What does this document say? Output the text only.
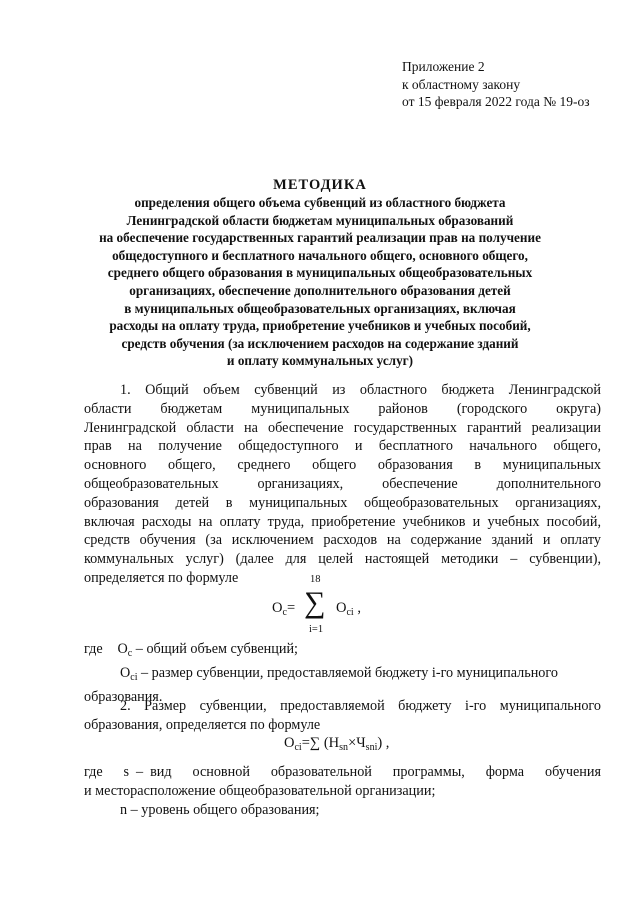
Приложение 2
к областному закону
от 15 февраля 2022 года № 19-оз
МЕТОДИКА
определения общего объема субвенций из областного бюджета
Ленинградской области бюджетам муниципальных образований
на обеспечение государственных гарантий реализации прав на получение
общедоступного и бесплатного начального общего, основного общего,
среднего общего образования в муниципальных общеобразовательных
организациях, обеспечение дополнительного образования детей
в муниципальных общеобразовательных организациях, включая
расходы на оплату труда, приобретение учебников и учебных пособий,
средств обучения (за исключением расходов на содержание зданий
и оплату коммунальных услуг)
1. Общий объем субвенций из областного бюджета Ленинградской
области бюджетам муниципальных районов (городского округа)
Ленинградской области на обеспечение государственных гарантий реализации
прав на получение общедоступного и бесплатного начального общего,
основного общего, среднего общего образования в муниципальных
общеобразовательных организациях, обеспечение дополнительного
образования детей в муниципальных общеобразовательных организациях,
включая расходы на оплату труда, приобретение учебников и учебных пособий,
средств обучения (за исключением расходов на содержание зданий и оплату
коммунальных услуг) (далее для целей настоящей методики – субвенции),
определяется по формуле
$O_c=$
18
∑
i=1
$O_{ci}$ ,
где $O_c$ – общий объем субвенций;
$O_{ci}$ – размер субвенции, предоставляемой бюджету i-го муниципального
образования.
2. Размер субвенции, предоставляемой бюджету i-го муниципального
образования, определяется по формуле
$O_{ci}=\sum$ $(H_{sn}\times Ч_{sni})$ ,
где   s – вид   основной   образовательной   программы,   форма   обучения
и месторасположение общеобразовательной организации;
n – уровень общего образования;
